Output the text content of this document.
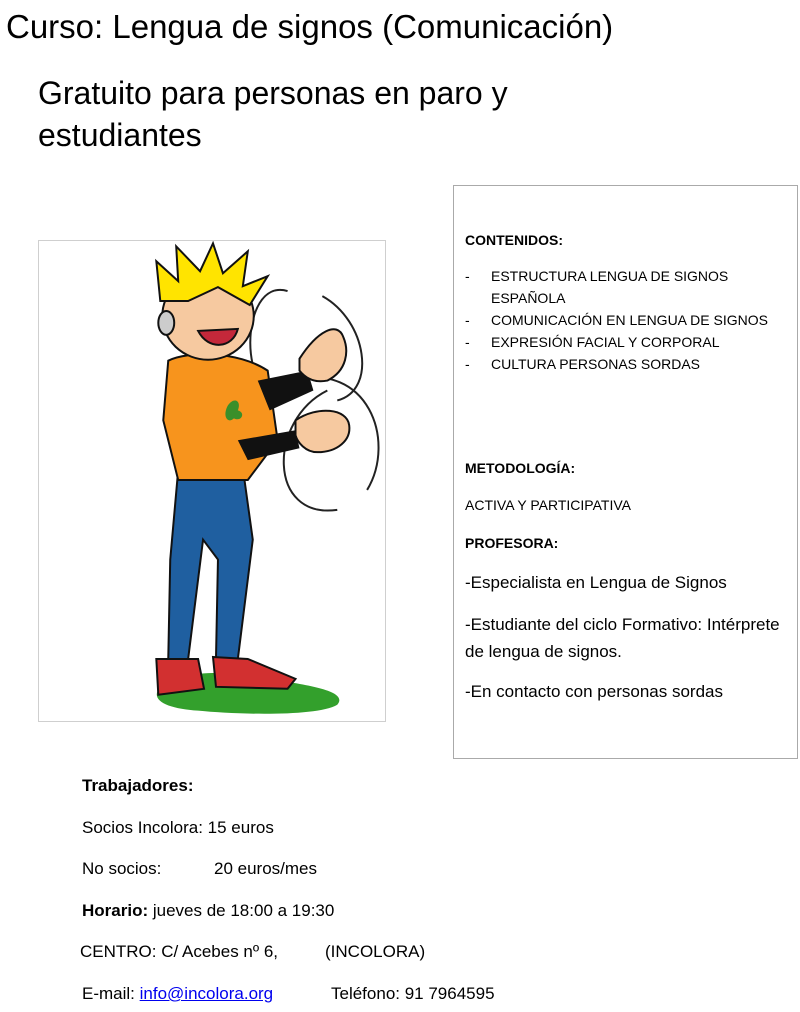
Curso: Lengua de signos (Comunicación)
Gratuito para personas en paro y estudiantes
CONTENIDOS:
- ESTRUCTURA LENGUA DE SIGNOS ESPAÑOLA
- COMUNICACIÓN EN LENGUA DE SIGNOS
- EXPRESIÓN FACIAL Y CORPORAL
- CULTURA PERSONAS SORDAS
METODOLOGÍA:
ACTIVA Y PARTICIPATIVA
PROFESORA:
-Especialista en Lengua de Signos
-Estudiante del ciclo Formativo: Intérprete de lengua de signos.
-En contacto con personas sordas
Trabajadores:
Socios Incolora: 15 euros
No socios:	20 euros/mes
Horario: jueves de 18:00 a 19:30
CENTRO: C/ Acebes nº 6,	(INCOLORA)
E-mail: info@incolora.org	Teléfono: 91 7964595
